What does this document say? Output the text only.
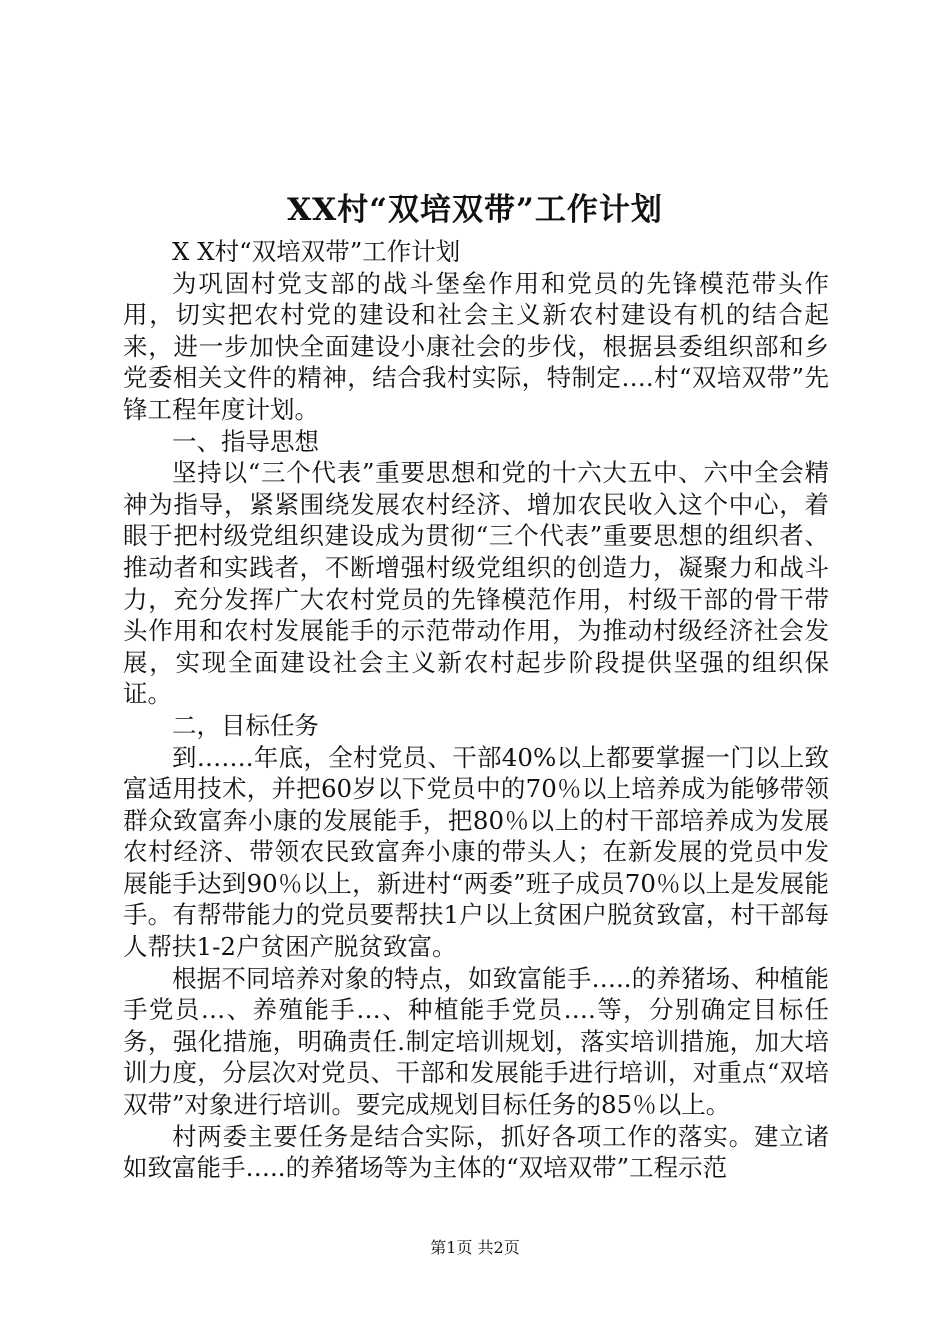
XX村“双培双带”工作计划

X X村“双培双带”工作计划

为巩固村党支部的战斗堡垒作用和党员的先锋模范带头作用，切实把农村党的建设和社会主义新农村建设有机的结合起来，进一步加快全面建设小康社会的步伐，根据县委组织部和乡党委相关文件的精神，结合我村实际，特制定….村“双培双带”先锋工程年度计划。

一、指导思想

坚持以“三个代表”重要思想和党的十六大五中、六中全会精神为指导，紧紧围绕发展农村经济、增加农民收入这个中心，着眼于把村级党组织建设成为贯彻“三个代表”重要思想的组织者、推动者和实践者，不断增强村级党组织的创造力，凝聚力和战斗力，充分发挥广大农村党员的先锋模范作用，村级干部的骨干带头作用和农村发展能手的示范带动作用，为推动村级经济社会发展，实现全面建设社会主义新农村起步阶段提供坚强的组织保证。

二，目标任务

到…….年底，全村党员、干部40%以上都要掌握一门以上致富适用技术，并把60岁以下党员中的70％以上培养成为能够带领群众致富奔小康的发展能手，把80％以上的村干部培养成为发展农村经济、带领农民致富奔小康的带头人；在新发展的党员中发展能手达到90％以上，新进村“两委”班子成员70％以上是发展能手。有帮带能力的党员要帮扶1户以上贫困户脱贫致富，村干部每人帮扶1-2户贫困产脱贫致富。

根据不同培养对象的特点，如致富能手…..的养猪场、种植能手党员…、养殖能手…、种植能手党员….等，分别确定目标任务，强化措施，明确责任.制定培训规划，落实培训措施，加大培训力度，分层次对党员、干部和发展能手进行培训，对重点“双培双带”对象进行培训。要完成规划目标任务的85％以上。

村两委主要任务是结合实际，抓好各项工作的落实。建立诸如致富能手…..的养猪场等为主体的“双培双带”工程示范

第1页 共2页
